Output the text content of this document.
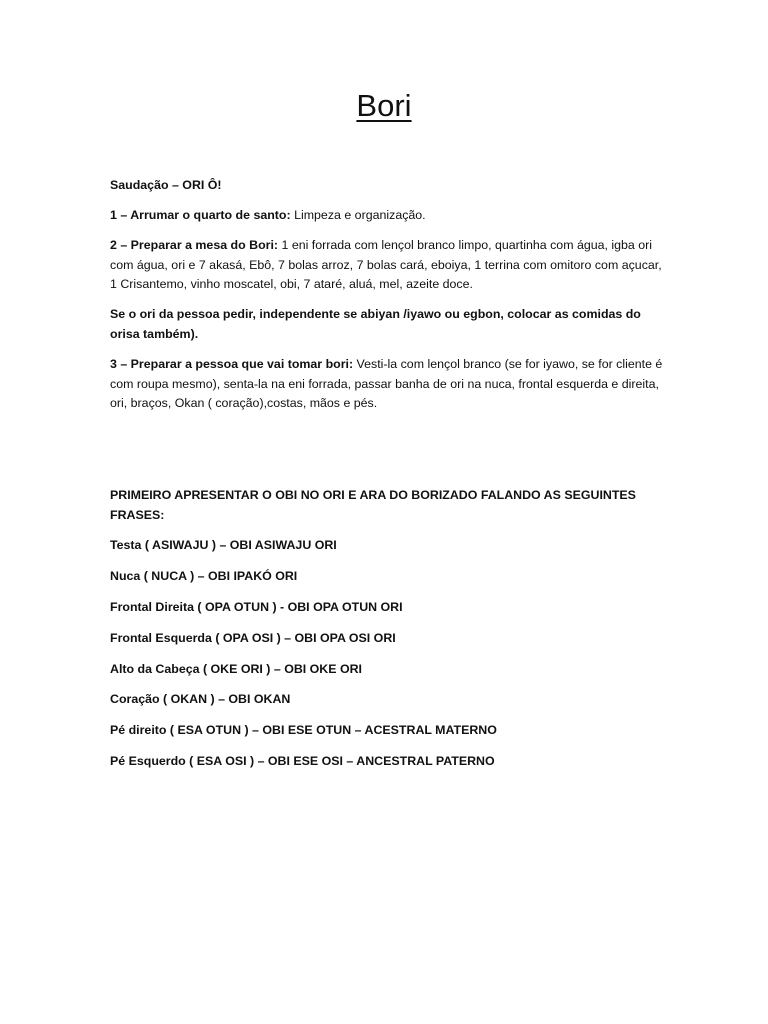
Bori

Saudação – ORI Ô!

1 – Arrumar o quarto de santo: Limpeza e organização.

2 – Preparar a mesa do Bori: 1 eni forrada com lençol branco limpo, quartinha com água, igba ori com água, ori e 7 akasá, Ebô, 7 bolas arroz, 7 bolas cará, eboiya, 1 terrina com omitoro com açucar, 1 Crisantemo, vinho moscatel, obi, 7 ataré, aluá, mel, azeite doce.

Se o ori da pessoa pedir, independente se abiyan /iyawo ou egbon, colocar as comidas do orisa também).

3 – Preparar a pessoa que vai tomar bori: Vesti-la com lençol branco (se for iyawo, se for cliente é com roupa mesmo), senta-la na eni forrada, passar banha de ori na nuca, frontal esquerda e direita, ori, braços, Okan ( coração),costas, mãos e pés.

PRIMEIRO APRESENTAR O OBI NO ORI E ARA DO BORIZADO FALANDO AS SEGUINTES FRASES:

Testa ( ASIWAJU ) – OBI ASIWAJU ORI

Nuca ( NUCA ) – OBI IPAKÓ ORI

Frontal Direita ( OPA OTUN ) - OBI OPA OTUN ORI

Frontal Esquerda ( OPA OSI ) – OBI OPA OSI ORI

Alto da Cabeça ( OKE ORI ) – OBI OKE ORI

Coração ( OKAN ) – OBI OKAN

Pé direito ( ESA OTUN ) – OBI ESE OTUN – ACESTRAL MATERNO

Pé Esquerdo ( ESA OSI ) – OBI ESE OSI – ANCESTRAL PATERNO
